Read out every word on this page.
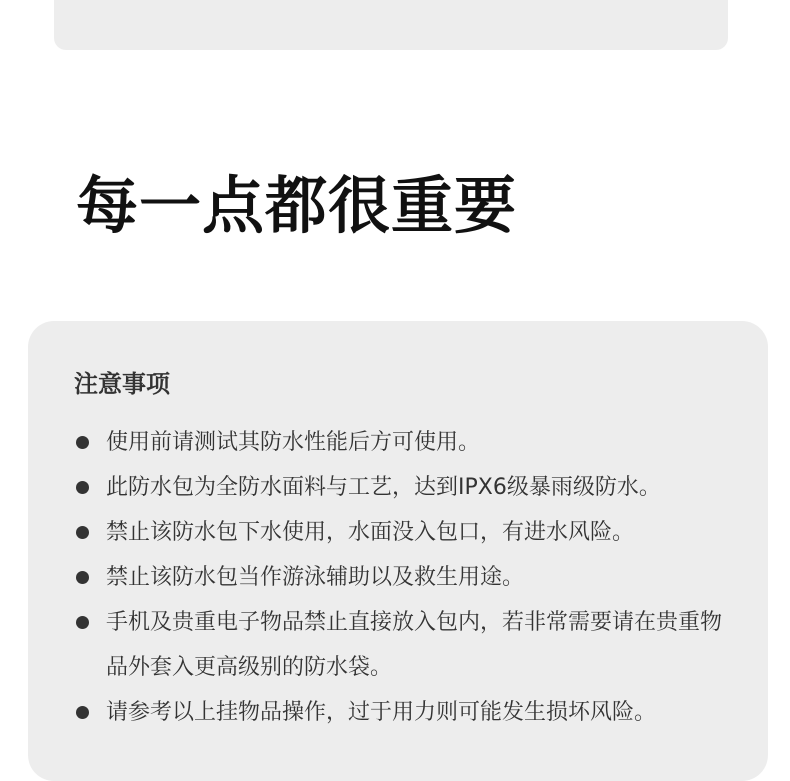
每一点都很重要
注意事项
使用前请测试其防水性能后方可使用。
此防水包为全防水面料与工艺，达到IPX6级暴雨级防水。
禁止该防水包下水使用，水面没入包口，有进水风险。
禁止该防水包当作游泳辅助以及救生用途。
手机及贵重电子物品禁止直接放入包内，若非常需要请在贵重物品外套入更高级别的防水袋。
请参考以上挂物品操作，过于用力则可能发生损坏风险。
